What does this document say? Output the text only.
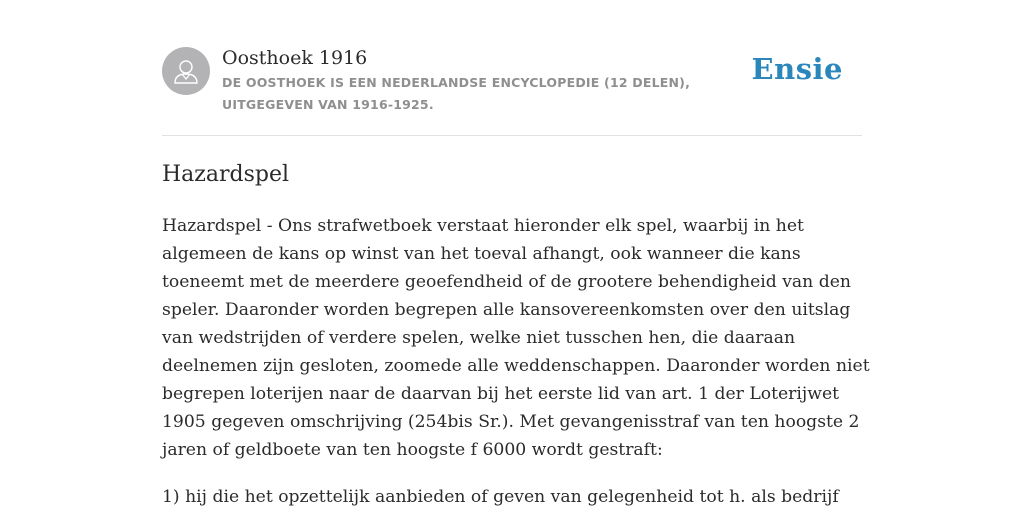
Oosthoek 1916
DE OOSTHOEK IS EEN NEDERLANDSE ENCYCLOPEDIE (12 DELEN), UITGEGEVEN VAN 1916-1925.
Ensie
Hazardspel

Hazardspel - Ons strafwetboek verstaat hieronder elk spel, waarbij in het algemeen de kans op winst van het toeval afhangt, ook wanneer die kans toeneemt met de meerdere geoefendheid of de grootere behendigheid van den speler. Daaronder worden begrepen alle kansovereenkomsten over den uitslag van wedstrijden of verdere spelen, welke niet tusschen hen, die daaraan deelnemen zijn gesloten, zoomede alle weddenschappen. Daaronder worden niet begrepen loterijen naar de daarvan bij het eerste lid van art. 1 der Loterijwet 1905 gegeven omschrijving (254bis Sr.). Met gevangenisstraf van ten hoogste 2 jaren of geldboete van ten hoogste f 6000 wordt gestraft:

1) hij die het opzettelijk aanbieden of geven van gelegenheid tot h. als bedrijf
